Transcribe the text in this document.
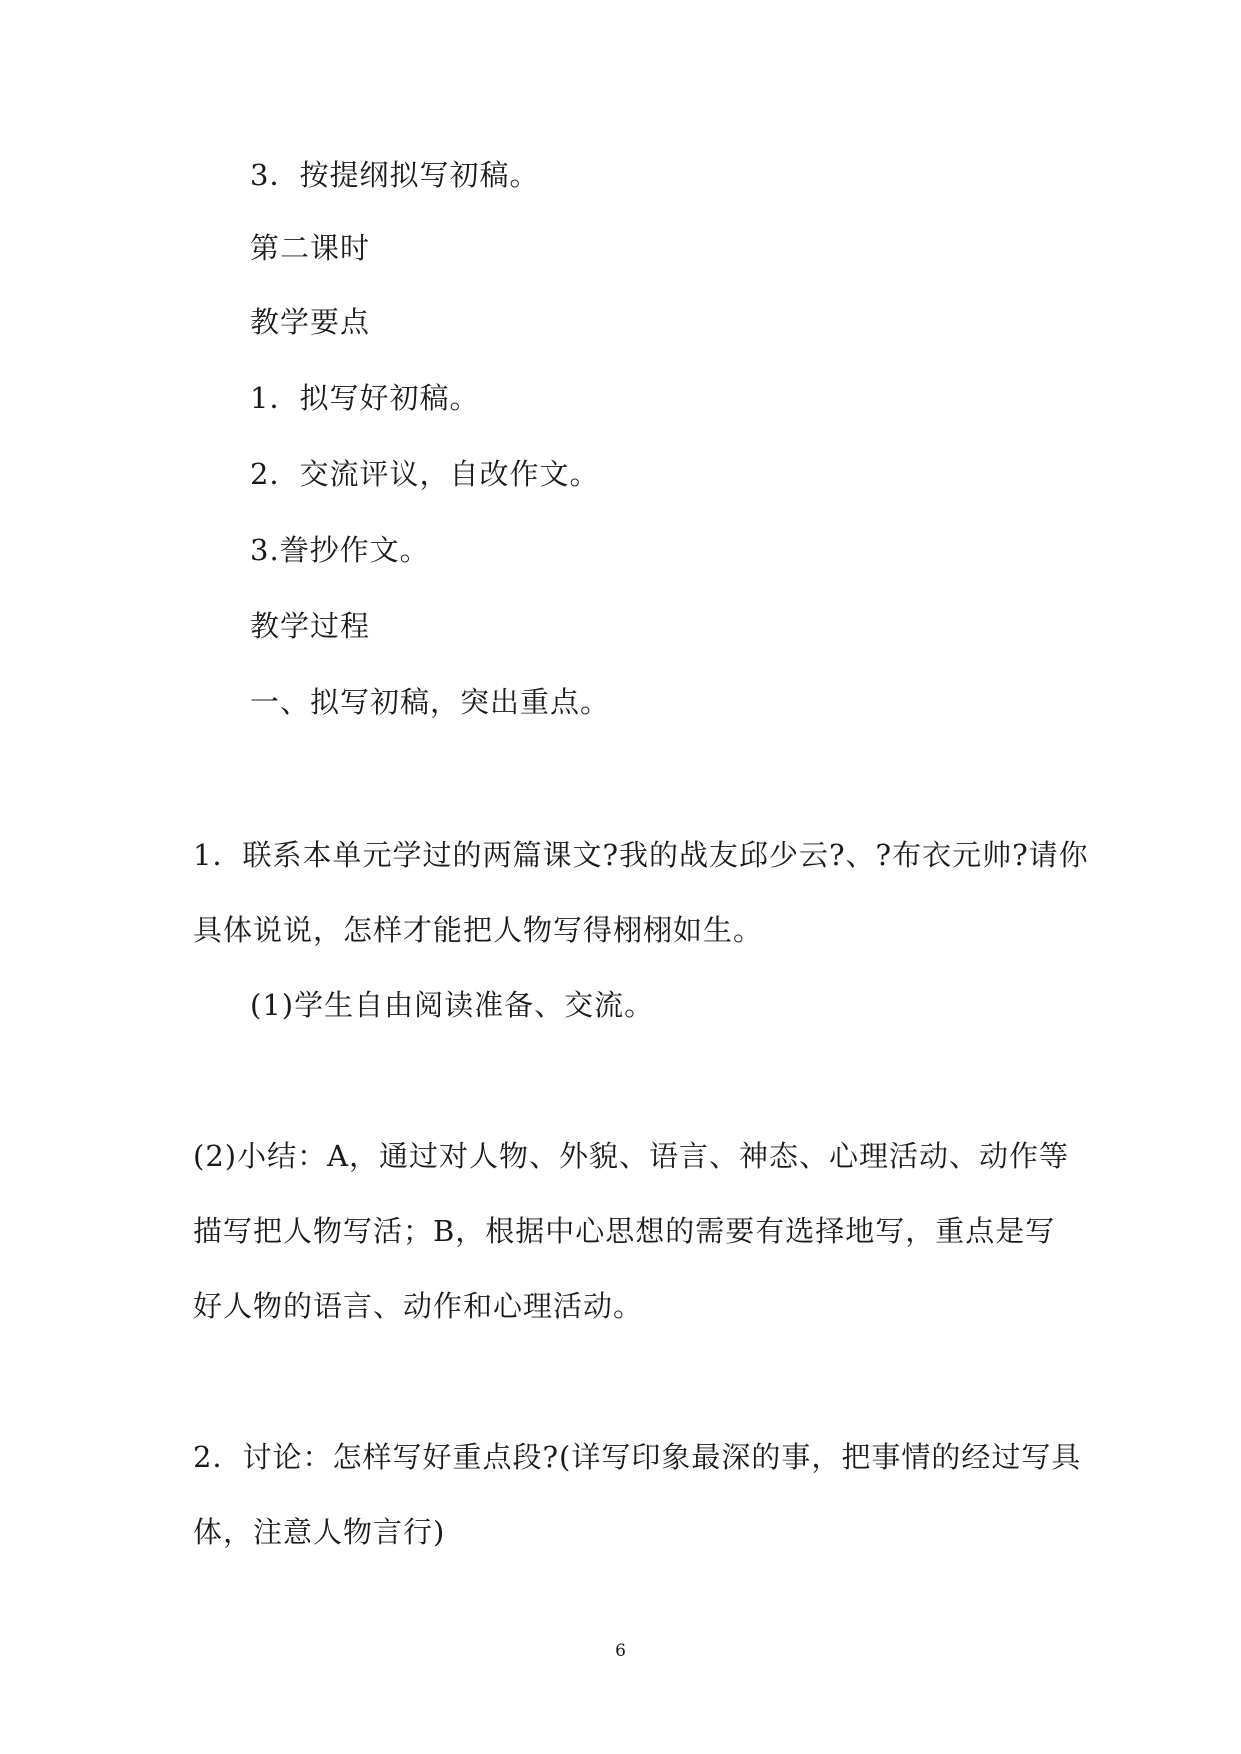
3．按提纲拟写初稿。
第二课时
教学要点
1．拟写好初稿。
2．交流评议，自改作文。
3.誊抄作文。
教学过程
一、拟写初稿，突出重点。
1．联系本单元学过的两篇课文?我的战友邱少云?、?布衣元帅?请你
具体说说，怎样才能把人物写得栩栩如生。
(1)学生自由阅读准备、交流。
(2)小结：A，通过对人物、外貌、语言、神态、心理活动、动作等
描写把人物写活；B，根据中心思想的需要有选择地写，重点是写
好人物的语言、动作和心理活动。
2．讨论：怎样写好重点段?(详写印象最深的事，把事情的经过写具
体，注意人物言行)
6
